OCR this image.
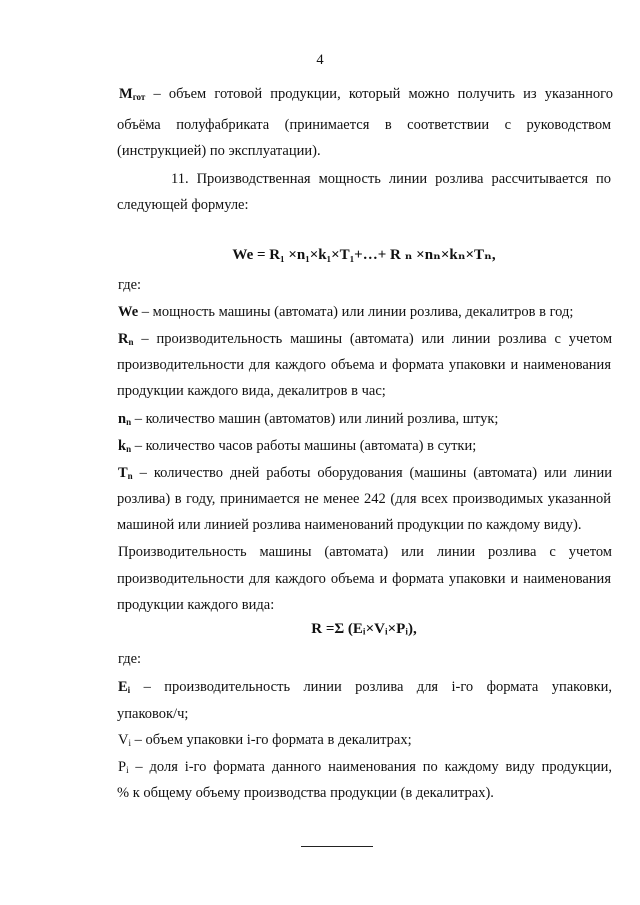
4
$M_{гот}$ – объем готовой продукции, который можно получить из указанного
объёма полуфабриката (принимается в соответствии с руководством
(инструкцией) по эксплуатации).
11. Производственная мощность линии розлива рассчитывается по
следующей формуле:
We = R₁ ×n₁×k₁×T₁+…+ R ₙ ×nₙ×kₙ×Tₙ,
где:
We – мощность машины (автомата) или линии розлива, декалитров в год;
$R_n$ – производительность машины (автомата) или линии розлива с учетом
производительности для каждого объема и формата упаковки и наименования
продукции каждого вида, декалитров в час;
$n_n$ – количество машин (автоматов) или линий розлива, штук;
$k_n$ – количество часов работы машины (автомата) в сутки;
$T_n$ – количество дней работы оборудования (машины (автомата) или линии
розлива) в году, принимается не менее 242 (для всех производимых указанной
машиной или линией розлива наименований продукции по каждому виду).
Производительность машины (автомата) или линии розлива с учетом
производительности для каждого объема и формата упаковки и наименования
продукции каждого вида:
R =Σ (Eᵢ×Vᵢ×Pᵢ),
где:
$E_i$ – производительность линии розлива для i-го формата упаковки,
упаковок/ч;
$V_i$ – объем упаковки i-го формата в декалитрах;
$P_i$ – доля i-го формата данного наименования по каждому виду продукции,
% к общему объему производства продукции (в декалитрах).
